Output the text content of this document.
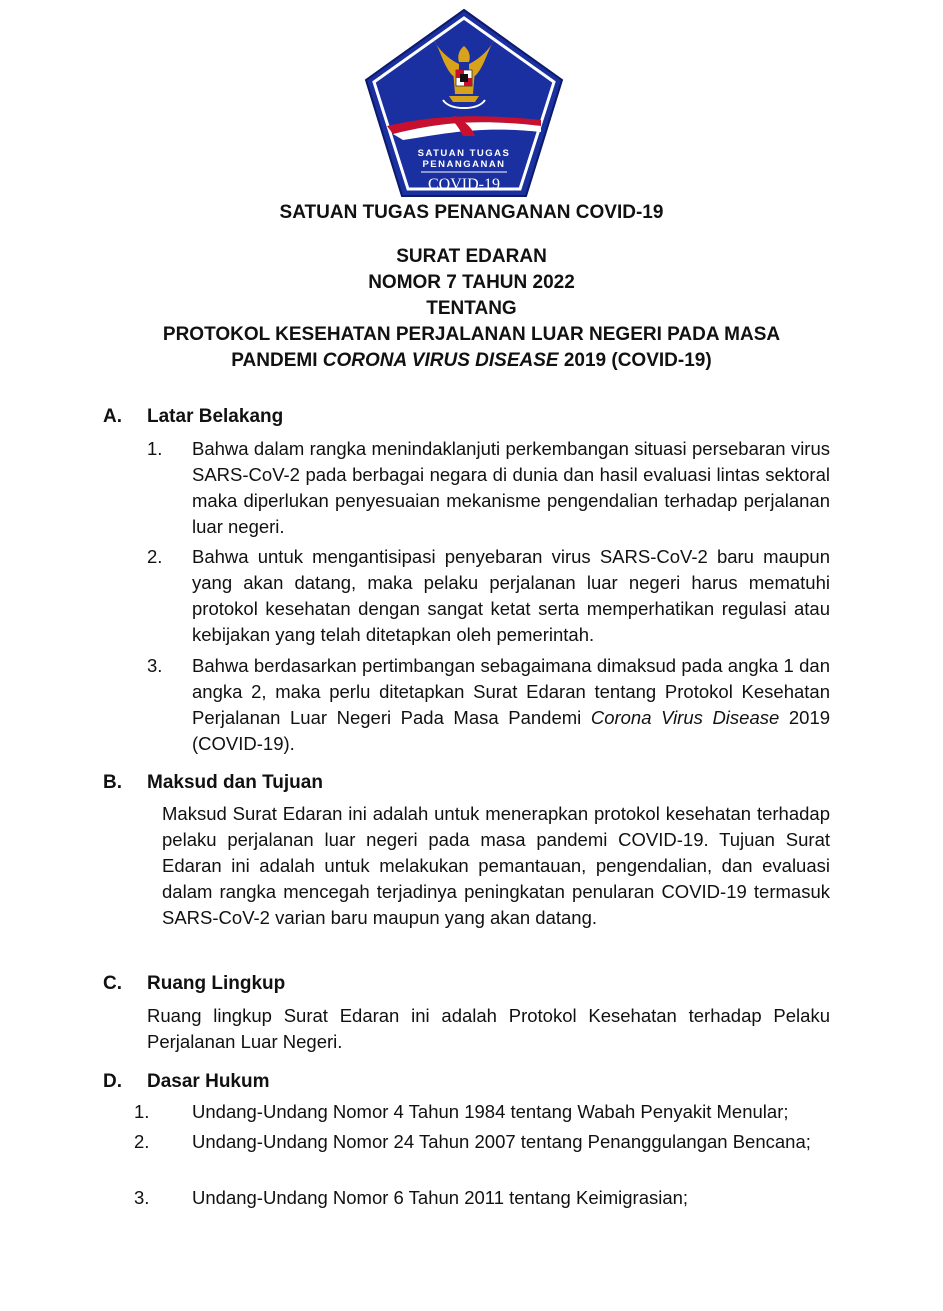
SATUAN TUGAS
PENANGANAN
COVID-19
SATUAN TUGAS PENANGANAN COVID-19
SURAT EDARAN
NOMOR 7 TAHUN 2022
TENTANG
PROTOKOL KESEHATAN PERJALANAN LUAR NEGERI PADA MASA
PANDEMI CORONA VIRUS DISEASE 2019 (COVID-19)
A. Latar Belakang
1. Bahwa dalam rangka menindaklanjuti perkembangan situasi persebaran virus SARS-CoV-2 pada berbagai negara di dunia dan hasil evaluasi lintas sektoral maka diperlukan penyesuaian mekanisme pengendalian terhadap perjalanan luar negeri.
2. Bahwa untuk mengantisipasi penyebaran virus SARS-CoV-2 baru maupun yang akan datang, maka pelaku perjalanan luar negeri harus mematuhi protokol kesehatan dengan sangat ketat serta memperhatikan regulasi atau kebijakan yang telah ditetapkan oleh pemerintah.
3. Bahwa berdasarkan pertimbangan sebagaimana dimaksud pada angka 1 dan angka 2, maka perlu ditetapkan Surat Edaran tentang Protokol Kesehatan Perjalanan Luar Negeri Pada Masa Pandemi Corona Virus Disease 2019 (COVID-19).
B. Maksud dan Tujuan
Maksud Surat Edaran ini adalah untuk menerapkan protokol kesehatan terhadap pelaku perjalanan luar negeri pada masa pandemi COVID-19. Tujuan Surat Edaran ini adalah untuk melakukan pemantauan, pengendalian, dan evaluasi dalam rangka mencegah terjadinya peningkatan penularan COVID-19 termasuk SARS-CoV-2 varian baru maupun yang akan datang.
C. Ruang Lingkup
Ruang lingkup Surat Edaran ini adalah Protokol Kesehatan terhadap Pelaku Perjalanan Luar Negeri.
D. Dasar Hukum
1. Undang-Undang Nomor 4 Tahun 1984 tentang Wabah Penyakit Menular;
2. Undang-Undang Nomor 24 Tahun 2007 tentang Penanggulangan Bencana;
3. Undang-Undang Nomor 6 Tahun 2011 tentang Keimigrasian;
